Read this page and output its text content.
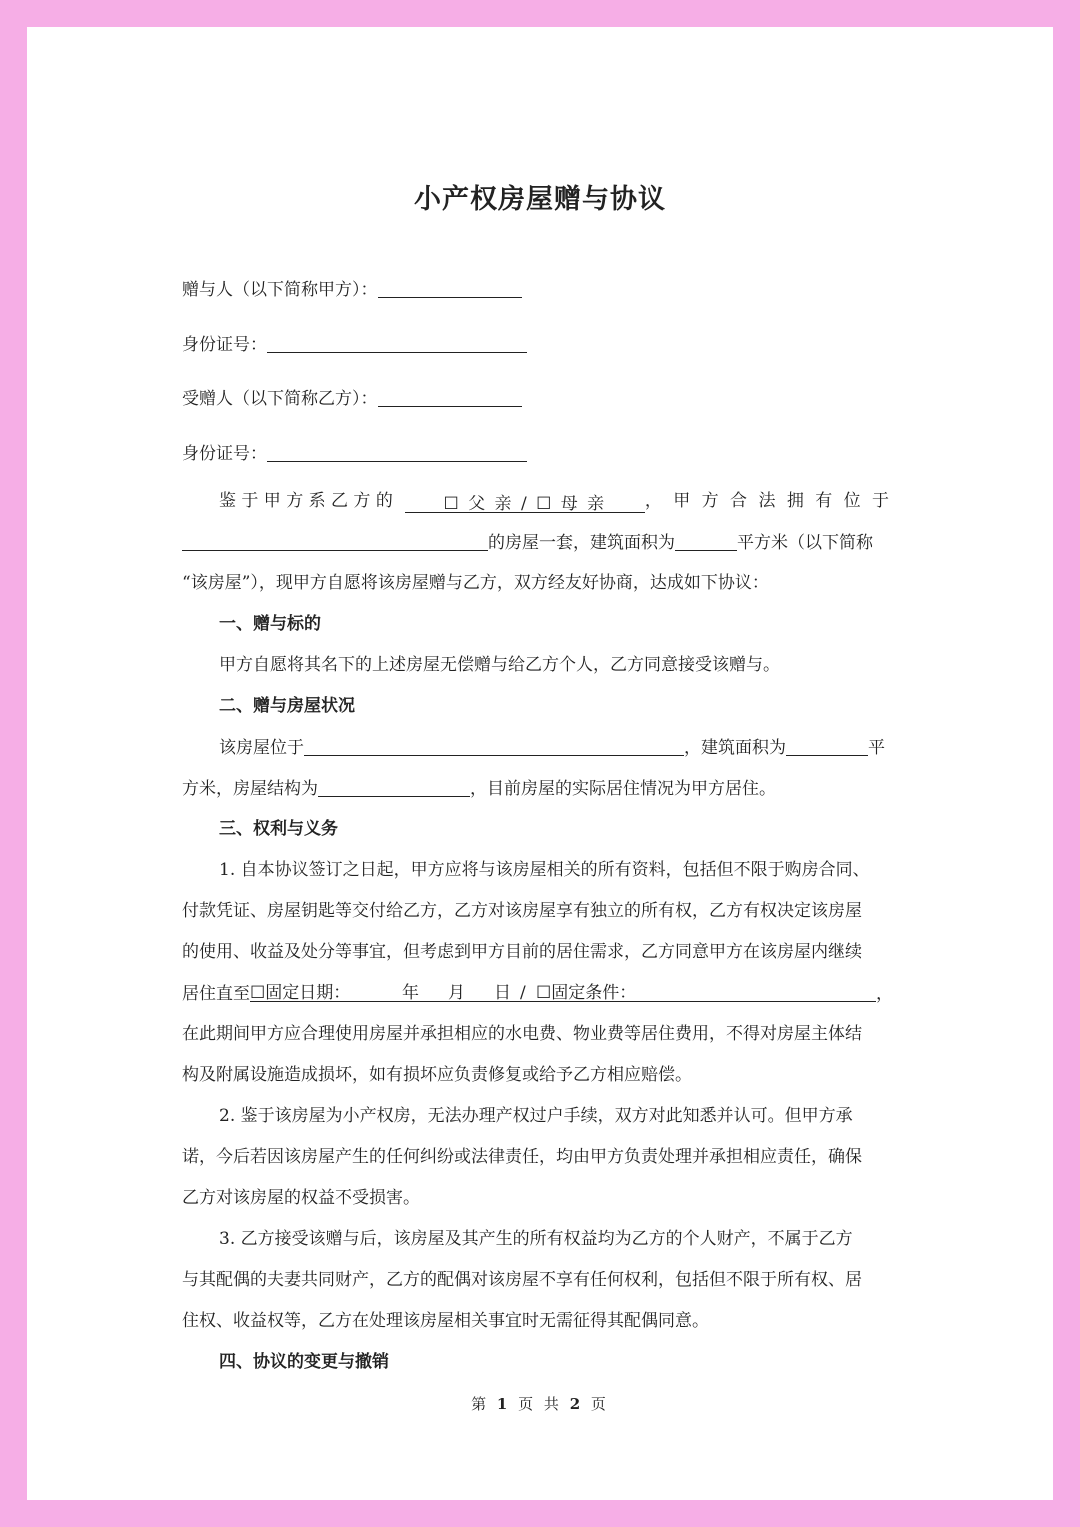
小产权房屋赠与协议
赠与人（以下简称甲方）：
身份证号：
受赠人（以下简称乙方）：
身份证号：
鉴 于 甲 方 系 乙 方 的	☐ 父 亲 / ☐ 母 亲 ， 甲 方 合 法 拥 有 位 于
的房屋一套，建筑面积为	平方米（以下简称
“该房屋”），现甲方自愿将该房屋赠与乙方，双方经友好协商，达成如下协议：
一、赠与标的
甲方自愿将其名下的上述房屋无偿赠与给乙方个人，乙方同意接受该赠与。
二、赠与房屋状况
该房屋位于	，建筑面积为	平
方米，房屋结构为	，目前房屋的实际居住情况为甲方居住。
三、权利与义务
1. 自本协议签订之日起，甲方应将与该房屋相关的所有资料，包括但不限于购房合同、
付款凭证、房屋钥匙等交付给乙方，乙方对该房屋享有独立的所有权，乙方有权决定该房屋
的使用、收益及处分等事宜，但考虑到甲方目前的居住需求，乙方同意甲方在该房屋内继续
居住直至 ☐固定日期：	年 月 日 / ☐固定条件：	，
在此期间甲方应合理使用房屋并承担相应的水电费、物业费等居住费用，不得对房屋主体结
构及附属设施造成损坏，如有损坏应负责修复或给予乙方相应赔偿。
2. 鉴于该房屋为小产权房，无法办理产权过户手续，双方对此知悉并认可。但甲方承
诺，今后若因该房屋产生的任何纠纷或法律责任，均由甲方负责处理并承担相应责任，确保
乙方对该房屋的权益不受损害。
3. 乙方接受该赠与后，该房屋及其产生的所有权益均为乙方的个人财产，不属于乙方
与其配偶的夫妻共同财产，乙方的配偶对该房屋不享有任何权利，包括但不限于所有权、居
住权、收益权等，乙方在处理该房屋相关事宜时无需征得其配偶同意。
四、协议的变更与撤销
第 1 页 共 2 页
